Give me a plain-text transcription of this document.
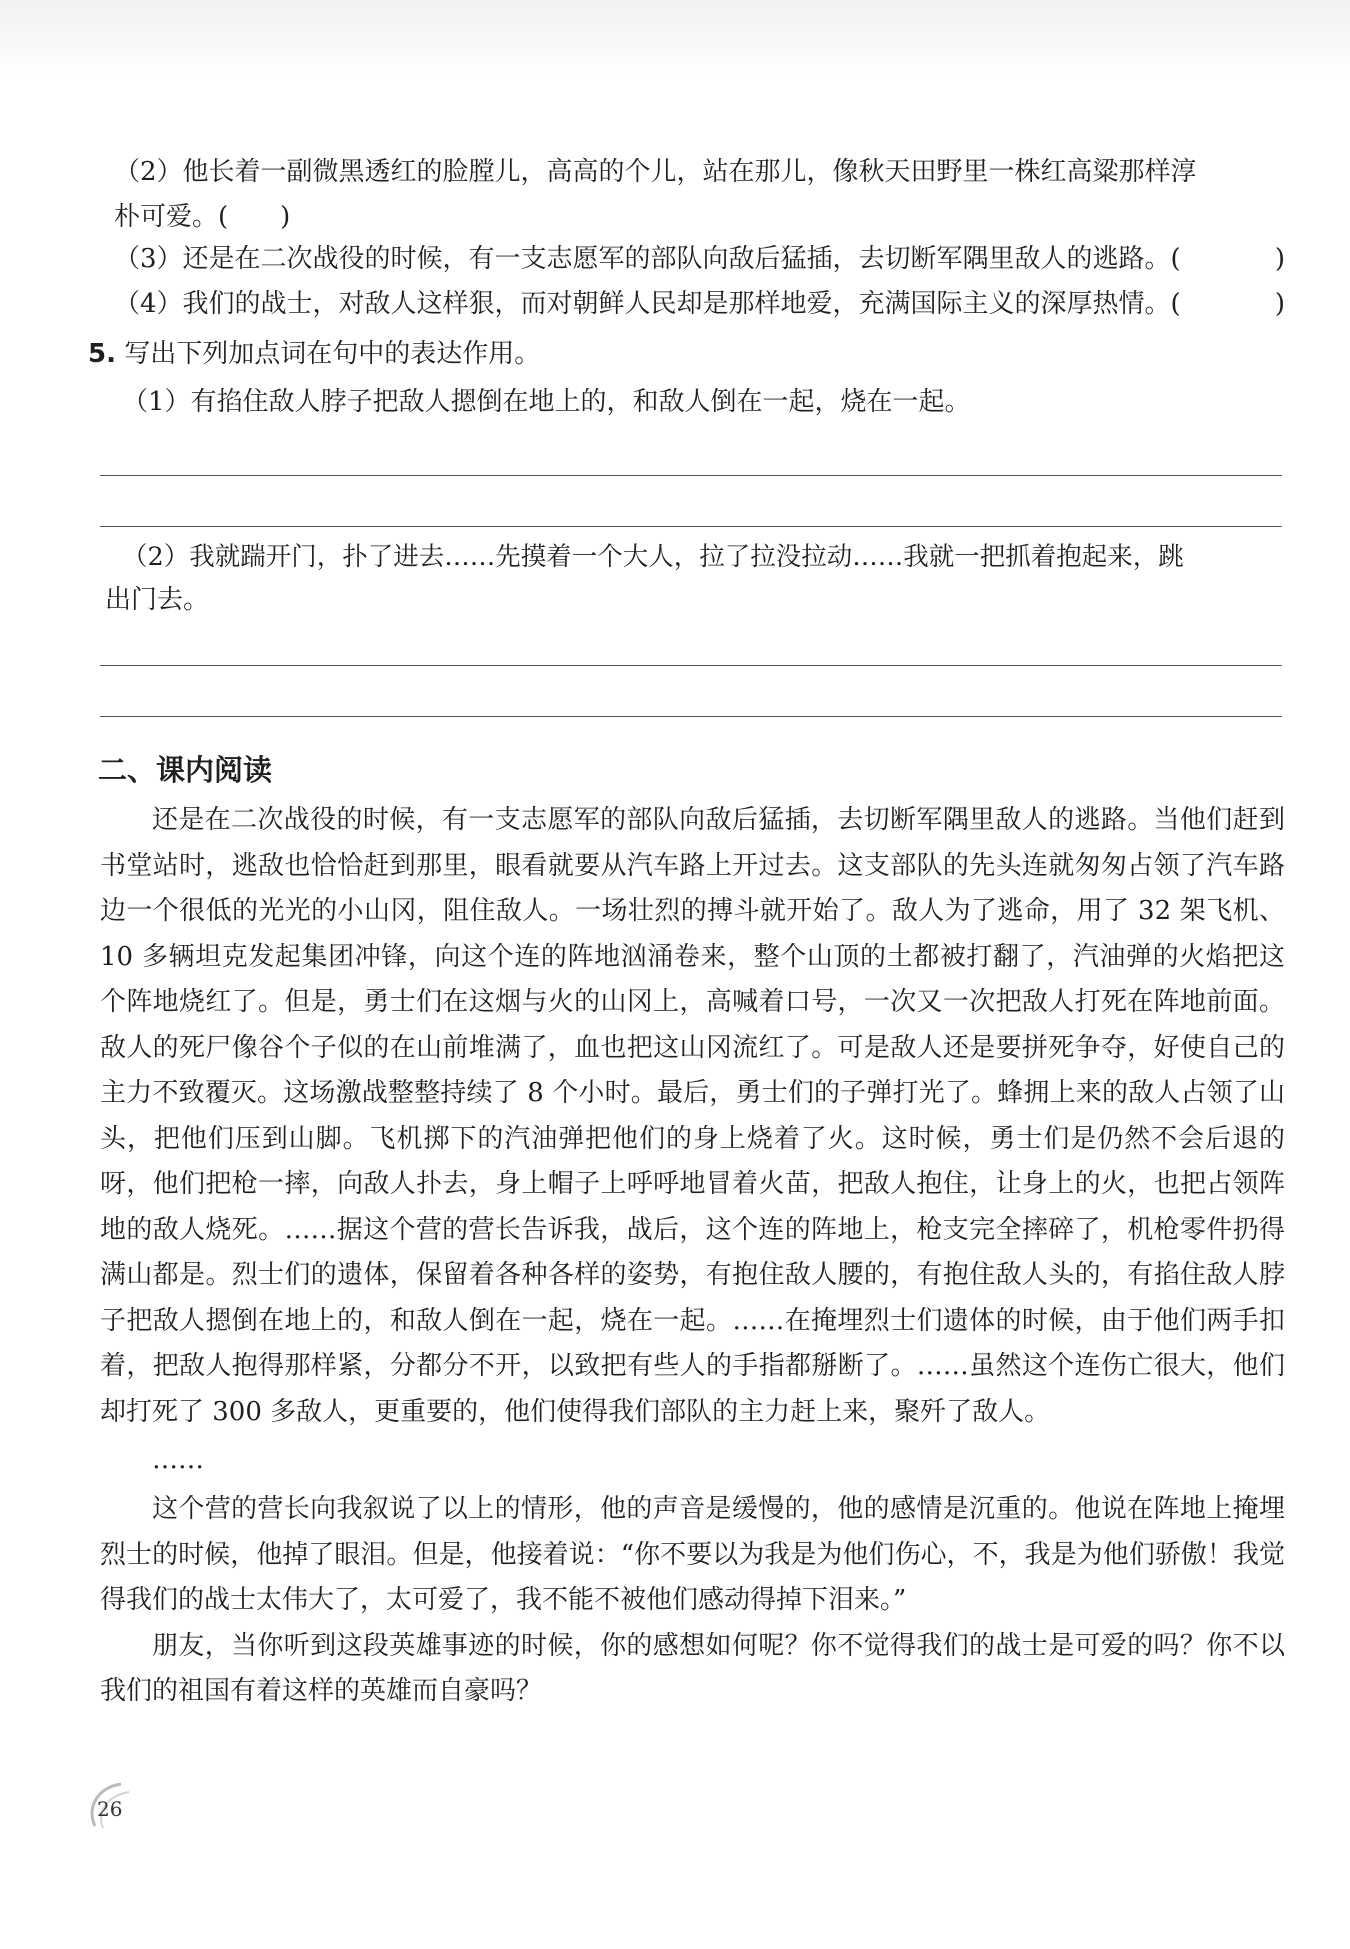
（2）他长着一副微黑透红的脸膛儿，高高的个儿，站在那儿，像秋天田野里一株红高粱那样淳
朴可爱。(　　)
（3）还是在二次战役的时候，有一支志愿军的部队向敌后猛插，去切断军隅里敌人的逃路。(	)
（4）我们的战士，对敌人这样狠，而对朝鲜人民却是那样地爱，充满国际主义的深厚热情。(	)
5. 写出下列加点词在句中的表达作用。

（1）有掐住敌人脖子把敌人摁倒在地上的，和敌人倒在一起，烧在一起。

（2）我就踹开门，扑了进去……先摸着一个大人，拉了拉没拉动……我就一把抓着抱起来，跳

出门去。

二、课内阅读

还是在二次战役的时候，有一支志愿军的部队向敌后猛插，去切断军隅里敌人的逃路。当他们赶到书堂站时，逃敌也恰恰赶到那里，眼看就要从汽车路上开过去。这支部队的先头连就匆匆占领了汽车路边一个很低的光光的小山冈，阻住敌人。一场壮烈的搏斗就开始了。敌人为了逃命，用了 32 架飞机、10 多辆坦克发起集团冲锋，向这个连的阵地汹涌卷来，整个山顶的土都被打翻了，汽油弹的火焰把这个阵地烧红了。但是，勇士们在这烟与火的山冈上，高喊着口号，一次又一次把敌人打死在阵地前面。敌人的死尸像谷个子似的在山前堆满了，血也把这山冈流红了。可是敌人还是要拼死争夺，好使自己的主力不致覆灭。这场激战整整持续了 8 个小时。最后，勇士们的子弹打光了。蜂拥上来的敌人占领了山头，把他们压到山脚。飞机掷下的汽油弹把他们的身上烧着了火。这时候，勇士们是仍然不会后退的呀，他们把枪一摔，向敌人扑去，身上帽子上呼呼地冒着火苗，把敌人抱住，让身上的火，也把占领阵地的敌人烧死。……据这个营的营长告诉我，战后，这个连的阵地上，枪支完全摔碎了，机枪零件扔得满山都是。烈士们的遗体，保留着各种各样的姿势，有抱住敌人腰的，有抱住敌人头的，有掐住敌人脖子把敌人摁倒在地上的，和敌人倒在一起，烧在一起。……在掩埋烈士们遗体的时候，由于他们两手扣着，把敌人抱得那样紧，分都分不开，以致把有些人的手指都掰断了。……虽然这个连伤亡很大，他们却打死了 300 多敌人，更重要的，他们使得我们部队的主力赶上来，聚歼了敌人。

……

这个营的营长向我叙说了以上的情形，他的声音是缓慢的，他的感情是沉重的。他说在阵地上掩埋烈士的时候，他掉了眼泪。但是，他接着说：“你不要以为我是为他们伤心，不，我是为他们骄傲！我觉得我们的战士太伟大了，太可爱了，我不能不被他们感动得掉下泪来。”

朋友，当你听到这段英雄事迹的时候，你的感想如何呢？你不觉得我们的战士是可爱的吗？你不以我们的祖国有着这样的英雄而自豪吗？

26
